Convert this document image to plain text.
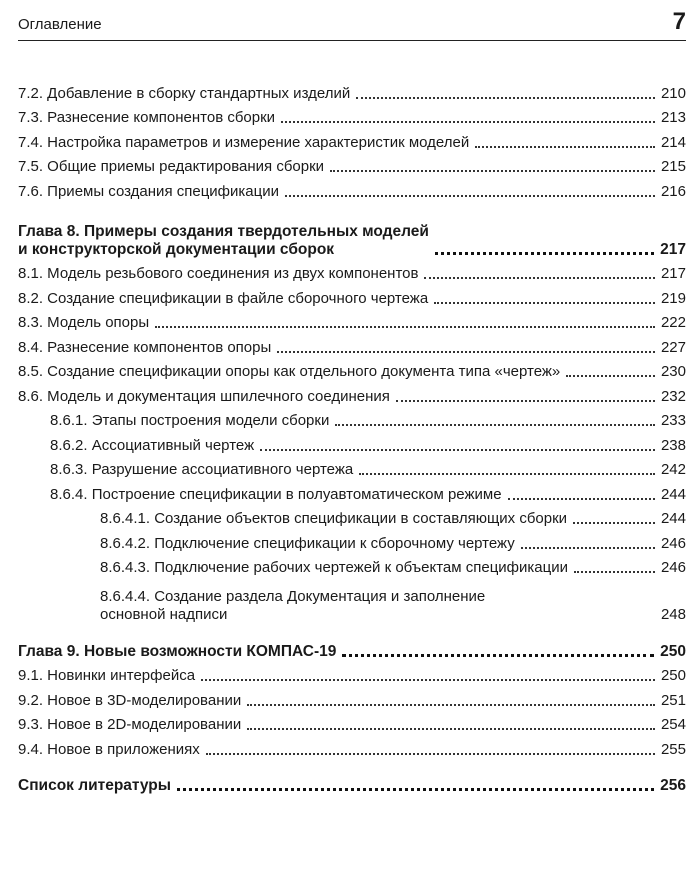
Оглавление	7
7.2. Добавление в сборку стандартных изделий	210
7.3. Разнесение компонентов сборки	213
7.4. Настройка параметров и измерение характеристик моделей	214
7.5. Общие приемы редактирования сборки	215
7.6. Приемы создания спецификации	216
Глава 8. Примеры создания твердотельных моделей
и конструкторской документации сборок	217
8.1. Модель резьбового соединения из двух компонентов	217
8.2. Создание спецификации в файле сборочного чертежа	219
8.3. Модель опоры	222
8.4. Разнесение компонентов опоры	227
8.5. Создание спецификации опоры как отдельного документа типа «чертеж»	230
8.6. Модель и документация шпилечного соединения	232
8.6.1. Этапы построения модели сборки	233
8.6.2. Ассоциативный чертеж	238
8.6.3. Разрушение ассоциативного чертежа	242
8.6.4. Построение спецификации в полуавтоматическом режиме	244
8.6.4.1. Создание объектов спецификации в составляющих сборки	244
8.6.4.2. Подключение спецификации к сборочному чертежу	246
8.6.4.3. Подключение рабочих чертежей к объектам спецификации	246
8.6.4.4. Создание раздела Документация и заполнение
основной надписи	248
Глава 9. Новые возможности КОМПАС-19	250
9.1. Новинки интерфейса	250
9.2. Новое в 3D-моделировании	251
9.3. Новое в 2D-моделировании	254
9.4. Новое в приложениях	255
Список литературы	256
